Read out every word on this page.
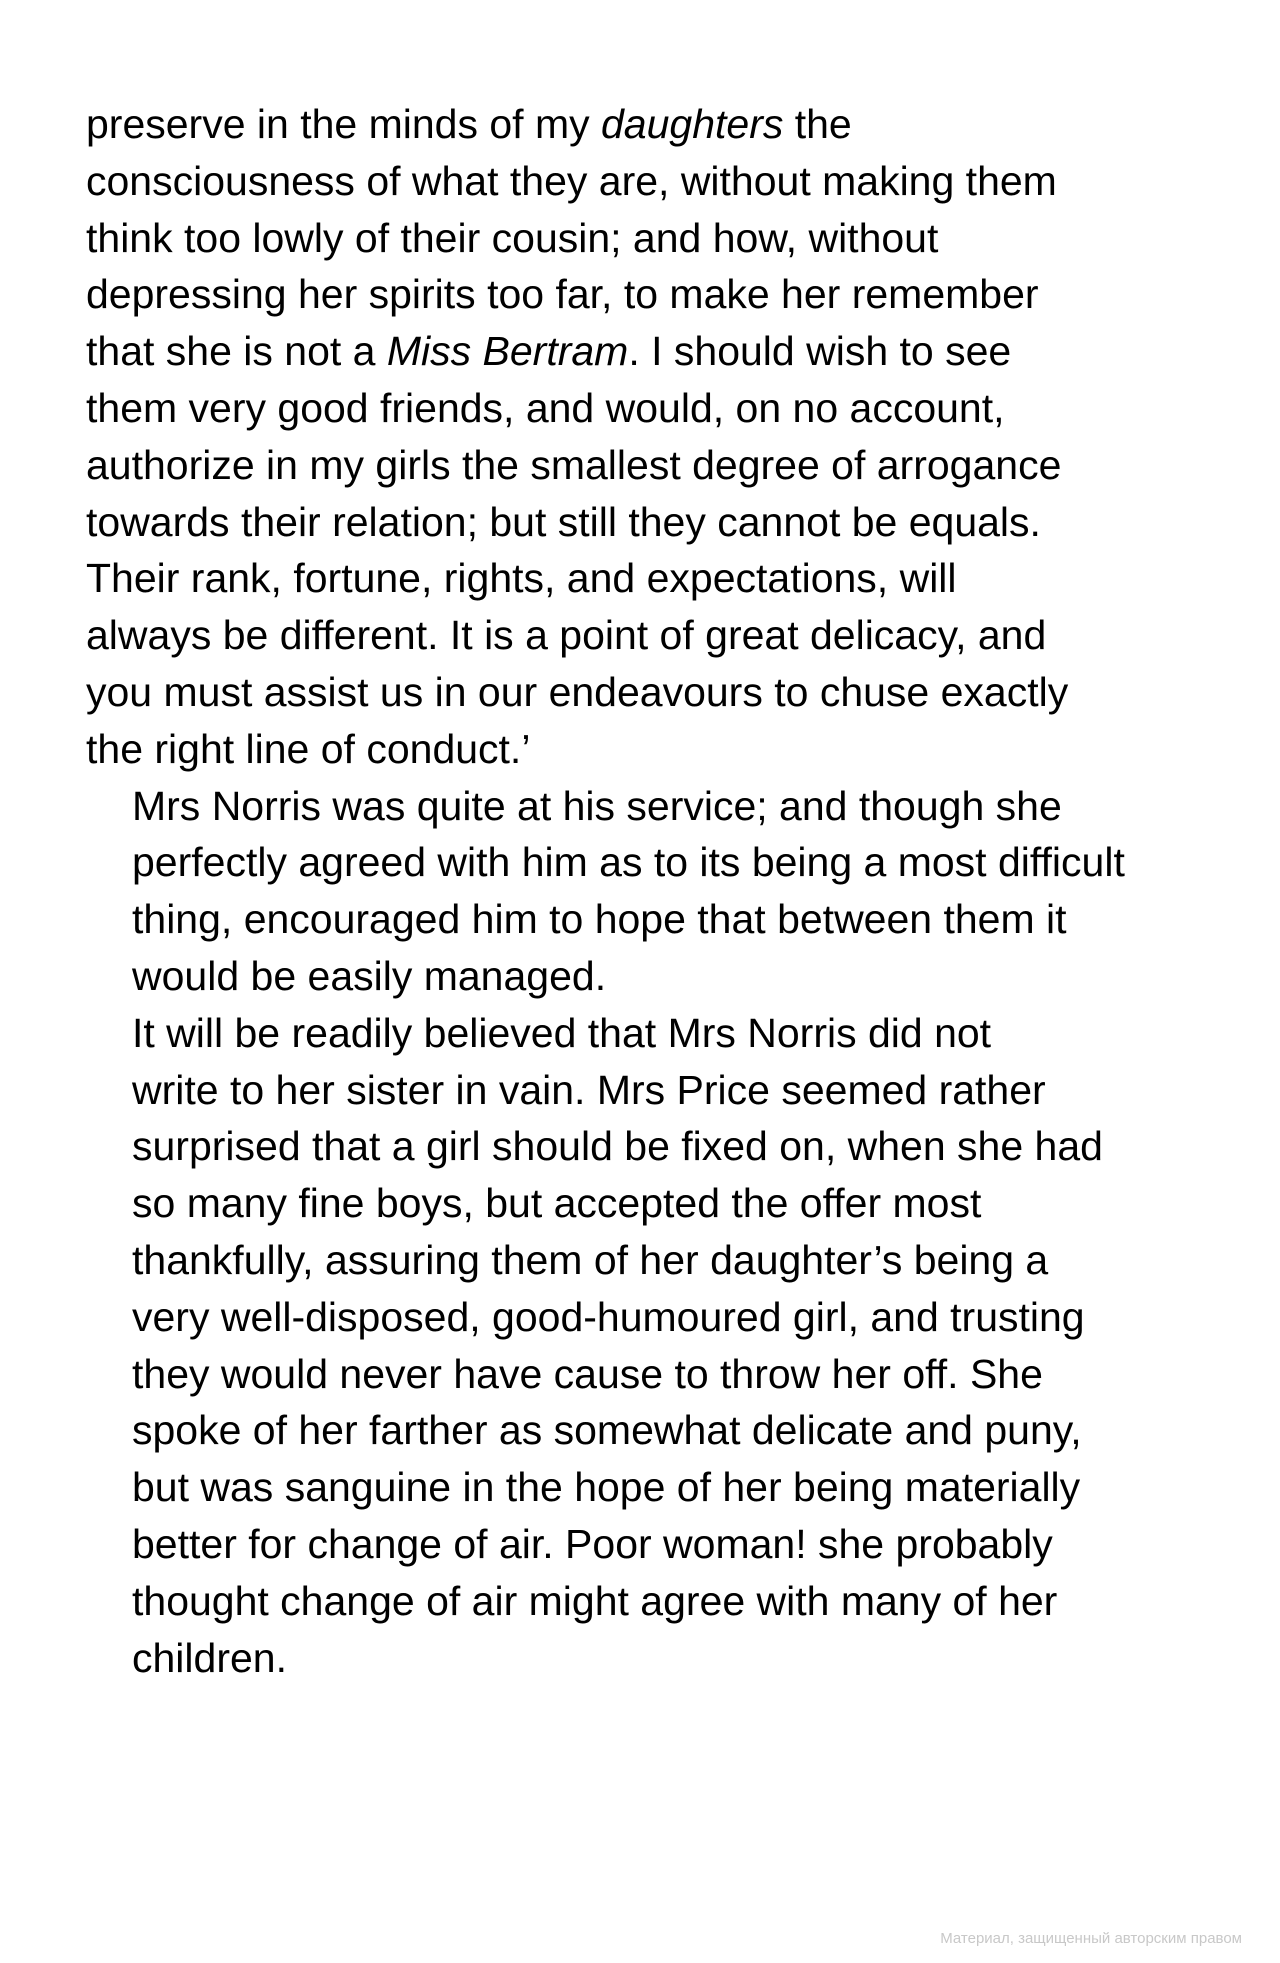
preserve in the minds of my daughters the
consciousness of what they are, without making them
think too lowly of their cousin; and how, without
depressing her spirits too far, to make her remember
that she is not a Miss Bertram. I should wish to see
them very good friends, and would, on no account,
authorize in my girls the smallest degree of arrogance
towards their relation; but still they cannot be equals.
Their rank, fortune, rights, and expectations, will
always be different. It is a point of great delicacy, and
you must assist us in our endeavours to chuse exactly
the right line of conduct.’

Mrs Norris was quite at his service; and though she
perfectly agreed with him as to its being a most difficult
thing, encouraged him to hope that between them it
would be easily managed.

It will be readily believed that Mrs Norris did not
write to her sister in vain. Mrs Price seemed rather
surprised that a girl should be fixed on, when she had
so many fine boys, but accepted the offer most
thankfully, assuring them of her daughter’s being a
very well-disposed, good-humoured girl, and trusting
they would never have cause to throw her off. She
spoke of her farther as somewhat delicate and puny,
but was sanguine in the hope of her being materially
better for change of air. Poor woman! she probably
thought change of air might agree with many of her
children.

Материал, защищенный авторским правом
